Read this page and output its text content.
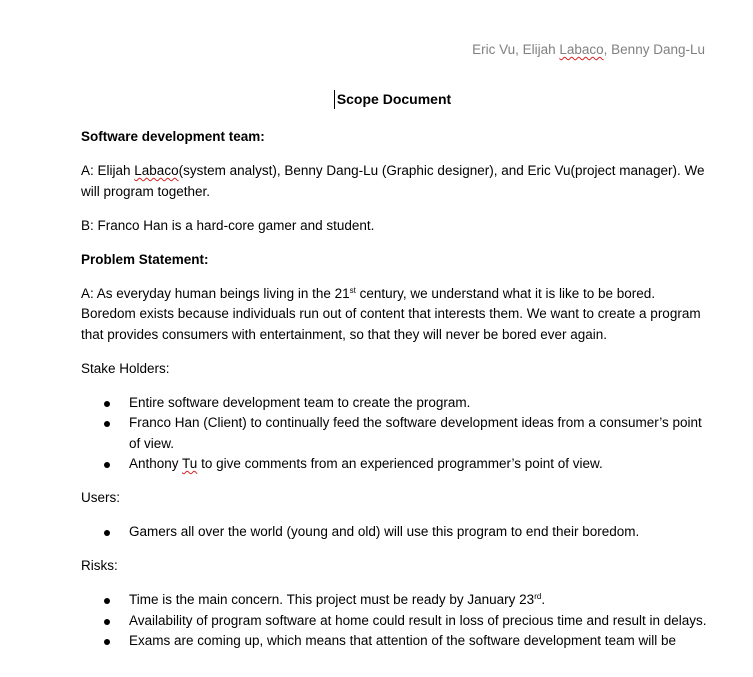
Eric Vu, Elijah Labaco, Benny Dang-Lu
Scope Document

Software development team:

A: Elijah Labaco(system analyst), Benny Dang-Lu (Graphic designer), and Eric Vu(project manager). We will program together.

B: Franco Han is a hard-core gamer and student.

Problem Statement:

A: As everyday human beings living in the 21st century, we understand what it is like to be bored. Boredom exists because individuals run out of content that interests them. We want to create a program that provides consumers with entertainment, so that they will never be bored ever again.

Stake Holders:

Entire software development team to create the program.
Franco Han (Client) to continually feed the software development ideas from a consumer’s point of view.
Anthony Tu to give comments from an experienced programmer’s point of view.

Users:

Gamers all over the world (young and old) will use this program to end their boredom.

Risks:

Time is the main concern. This project must be ready by January 23rd.
Availability of program software at home could result in loss of precious time and result in delays.
Exams are coming up, which means that attention of the software development team will be
